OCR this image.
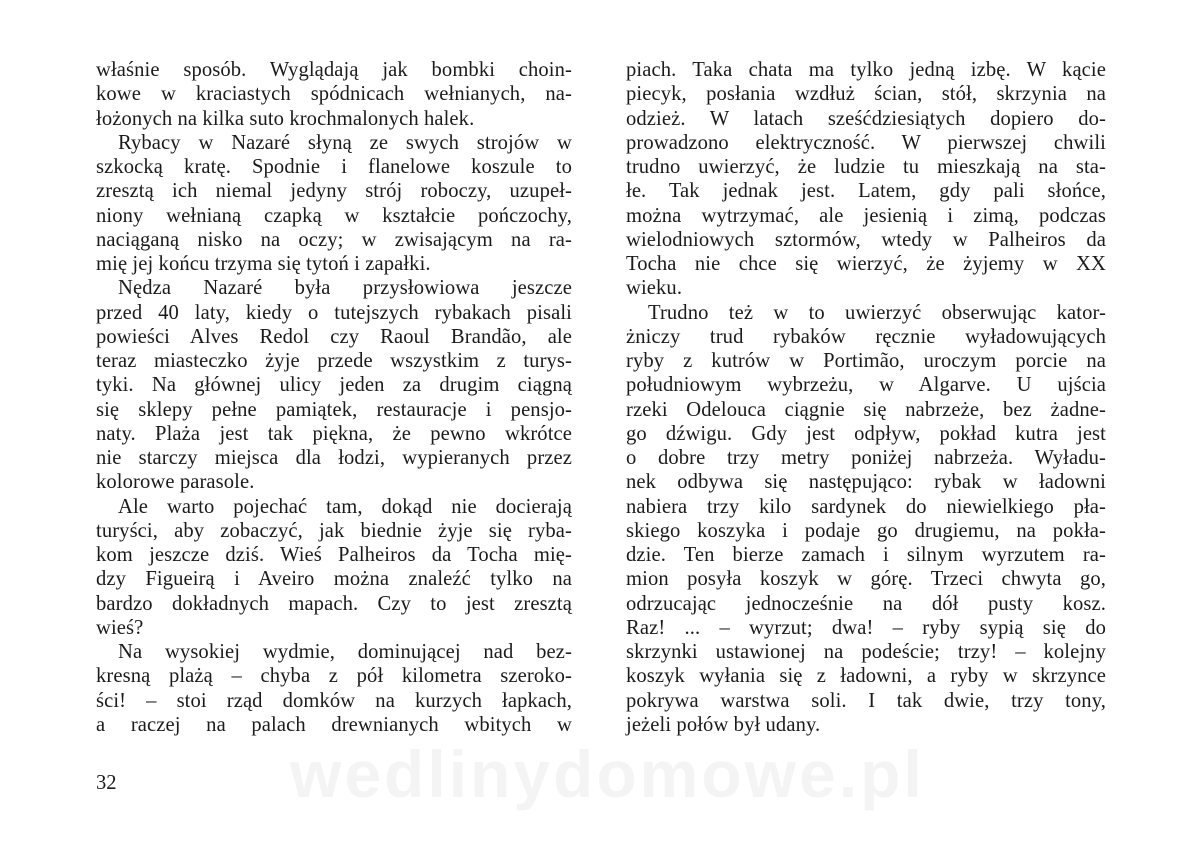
właśnie sposób. Wyglądają jak bombki choin-
kowe w kraciastych spódnicach wełnianych, na-
łożonych na kilka suto krochmalonych halek.
Rybacy w Nazaré słyną ze swych strojów w
szkocką kratę. Spodnie i flanelowe koszule to
zresztą ich niemal jedyny strój roboczy, uzupeł-
niony wełnianą czapką w kształcie pończochy,
naciąganą nisko na oczy; w zwisającym na ra-
mię jej końcu trzyma się tytoń i zapałki.
Nędza Nazaré była przysłowiowa jeszcze
przed 40 laty, kiedy o tutejszych rybakach pisali
powieści Alves Redol czy Raoul Brandão, ale
teraz miasteczko żyje przede wszystkim z turys-
tyki. Na głównej ulicy jeden za drugim ciągną
się sklepy pełne pamiątek, restauracje i pensjo-
naty. Plaża jest tak piękna, że pewno wkrótce
nie starczy miejsca dla łodzi, wypieranych przez
kolorowe parasole.
Ale warto pojechać tam, dokąd nie docierają
turyści, aby zobaczyć, jak biednie żyje się ryba-
kom jeszcze dziś. Wieś Palheiros da Tocha mię-
dzy Figueirą i Aveiro można znaleźć tylko na
bardzo dokładnych mapach. Czy to jest zresztą
wieś?
Na wysokiej wydmie, dominującej nad bez-
kresną plażą – chyba z pół kilometra szeroko-
ści! – stoi rząd domków na kurzych łapkach,
a raczej na palach drewnianych wbitych w
piach. Taka chata ma tylko jedną izbę. W kącie
piecyk, posłania wzdłuż ścian, stół, skrzynia na
odzież. W latach sześćdziesiątych dopiero do-
prowadzono elektryczność. W pierwszej chwili
trudno uwierzyć, że ludzie tu mieszkają na sta-
łe. Tak jednak jest. Latem, gdy pali słońce,
można wytrzymać, ale jesienią i zimą, podczas
wielodniowych sztormów, wtedy w Palheiros da
Tocha nie chce się wierzyć, że żyjemy w XX
wieku.
Trudno też w to uwierzyć obserwując kator-
żniczy trud rybaków ręcznie wyładowujących
ryby z kutrów w Portimão, uroczym porcie na
południowym wybrzeżu, w Algarve. U ujścia
rzeki Odelouca ciągnie się nabrzeże, bez żadne-
go dźwigu. Gdy jest odpływ, pokład kutra jest
o dobre trzy metry poniżej nabrzeża. Wyładu-
nek odbywa się następująco: rybak w ładowni
nabiera trzy kilo sardynek do niewielkiego pła-
skiego koszyka i podaje go drugiemu, na pokła-
dzie. Ten bierze zamach i silnym wyrzutem ra-
mion posyła koszyk w górę. Trzeci chwyta go,
odrzucając jednocześnie na dół pusty kosz.
Raz! ... – wyrzut; dwa! – ryby sypią się do
skrzynki ustawionej na podeście; trzy! – kolejny
koszyk wyłania się z ładowni, a ryby w skrzynce
pokrywa warstwa soli. I tak dwie, trzy tony,
jeżeli połów był udany.
32	wedlinydomowe.pl
